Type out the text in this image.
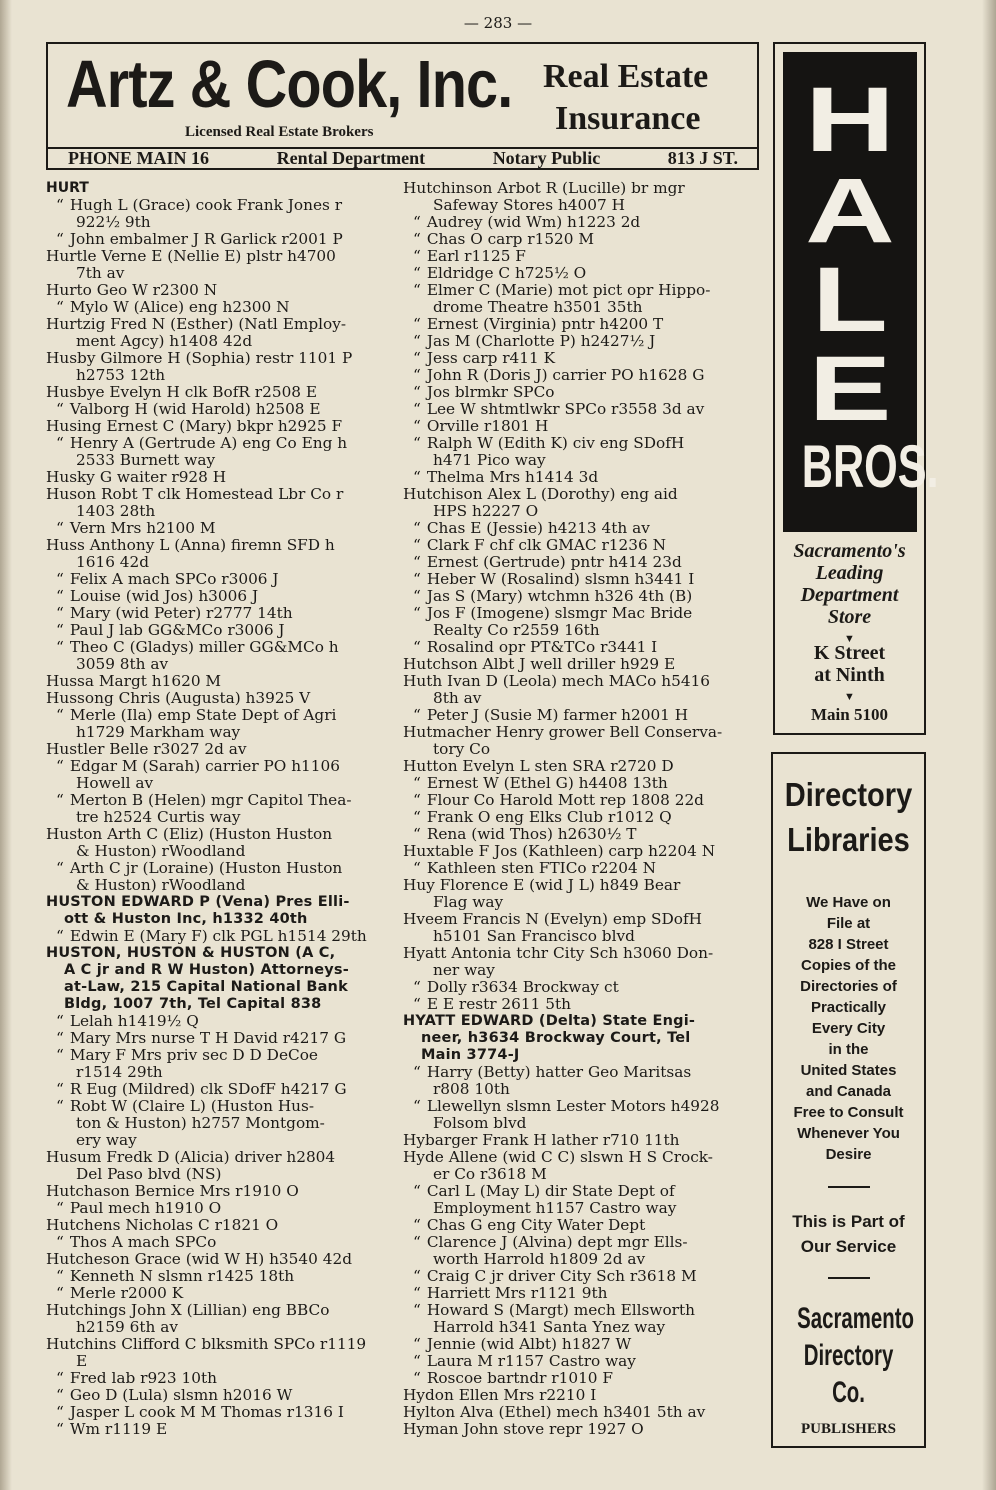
— 283 —
Artz & Cook, Inc.
Licensed Real Estate Brokers
Real Estate
Insurance
PHONE MAIN 16	Rental Department	Notary Public	813 J ST.
HURT
“ Hugh L (Grace) cook Frank Jones r
922½ 9th
“ John embalmer J R Garlick r2001 P
Hurtle Verne E (Nellie E) plstr h4700
7th av
Hurto Geo W r2300 N
“ Mylo W (Alice) eng h2300 N
Hurtzig Fred N (Esther) (Natl Employ-
ment Agcy) h1408 42d
Husby Gilmore H (Sophia) restr 1101 P
h2753 12th
Husbye Evelyn H clk BofR r2508 E
“ Valborg H (wid Harold) h2508 E
Husing Ernest C (Mary) bkpr h2925 F
“ Henry A (Gertrude A) eng Co Eng h
2533 Burnett way
Husky G waiter r928 H
Huson Robt T clk Homestead Lbr Co r
1403 28th
“ Vern Mrs h2100 M
Huss Anthony L (Anna) firemn SFD h
1616 42d
“ Felix A mach SPCo r3006 J
“ Louise (wid Jos) h3006 J
“ Mary (wid Peter) r2777 14th
“ Paul J lab GG&MCo r3006 J
“ Theo C (Gladys) miller GG&MCo h
3059 8th av
Hussa Margt h1620 M
Hussong Chris (Augusta) h3925 V
“ Merle (Ila) emp State Dept of Agri
h1729 Markham way
Hustler Belle r3027 2d av
“ Edgar M (Sarah) carrier PO h1106
Howell av
“ Merton B (Helen) mgr Capitol Thea-
tre h2524 Curtis way
Huston Arth C (Eliz) (Huston Huston
& Huston) rWoodland
“ Arth C jr (Loraine) (Huston Huston
& Huston) rWoodland
HUSTON EDWARD P (Vena) Pres Elli-
ott & Huston Inc, h1332 40th
“ Edwin E (Mary F) clk PGL h1514 29th
HUSTON, HUSTON & HUSTON (A C,
A C jr and R W Huston) Attorneys-
at-Law, 215 Capital National Bank
Bldg, 1007 7th, Tel Capital 838
“ Lelah h1419½ Q
“ Mary Mrs nurse T H David r4217 G
“ Mary F Mrs priv sec D D DeCoe
r1514 29th
“ R Eug (Mildred) clk SDofF h4217 G
“ Robt W (Claire L) (Huston Hus-
ton & Huston) h2757 Montgom-
ery way
Husum Fredk D (Alicia) driver h2804
Del Paso blvd (NS)
Hutchason Bernice Mrs r1910 O
“ Paul mech h1910 O
Hutchens Nicholas C r1821 O
“ Thos A mach SPCo
Hutcheson Grace (wid W H) h3540 42d
“ Kenneth N slsmn r1425 18th
“ Merle r2000 K
Hutchings John X (Lillian) eng BBCo
h2159 6th av
Hutchins Clifford C blksmith SPCo r1119
E
“ Fred lab r923 10th
“ Geo D (Lula) slsmn h2016 W
“ Jasper L cook M M Thomas r1316 I
“ Wm r1119 E
Hutchinson Arbot R (Lucille) br mgr
Safeway Stores h4007 H
“ Audrey (wid Wm) h1223 2d
“ Chas O carp r1520 M
“ Earl r1125 F
“ Eldridge C h725½ O
“ Elmer C (Marie) mot pict opr Hippo-
drome Theatre h3501 35th
“ Ernest (Virginia) pntr h4200 T
“ Jas M (Charlotte P) h2427½ J
“ Jess carp r411 K
“ John R (Doris J) carrier PO h1628 G
“ Jos blrmkr SPCo
“ Lee W shtmtlwkr SPCo r3558 3d av
“ Orville r1801 H
“ Ralph W (Edith K) civ eng SDofH
h471 Pico way
“ Thelma Mrs h1414 3d
Hutchison Alex L (Dorothy) eng aid
HPS h2227 O
“ Chas E (Jessie) h4213 4th av
“ Clark F chf clk GMAC r1236 N
“ Ernest (Gertrude) pntr h414 23d
“ Heber W (Rosalind) slsmn h3441 I
“ Jas S (Mary) wtchmn h326 4th (B)
“ Jos F (Imogene) slsmgr Mac Bride
Realty Co r2559 16th
“ Rosalind opr PT&TCo r3441 I
Hutchson Albt J well driller h929 E
Huth Ivan D (Leola) mech MACo h5416
8th av
“ Peter J (Susie M) farmer h2001 H
Hutmacher Henry grower Bell Conserva-
tory Co
Hutton Evelyn L sten SRA r2720 D
“ Ernest W (Ethel G) h4408 13th
“ Flour Co Harold Mott rep 1808 22d
“ Frank O eng Elks Club r1012 Q
“ Rena (wid Thos) h2630½ T
Huxtable F Jos (Kathleen) carp h2204 N
“ Kathleen sten FTICo r2204 N
Huy Florence E (wid J L) h849 Bear
Flag way
Hveem Francis N (Evelyn) emp SDofH
h5101 San Francisco blvd
Hyatt Antonia tchr City Sch h3060 Don-
ner way
“ Dolly r3634 Brockway ct
“ E E restr 2611 5th
HYATT EDWARD (Delta) State Engi-
neer, h3634 Brockway Court, Tel
Main 3774-J
“ Harry (Betty) hatter Geo Maritsas
r808 10th
“ Llewellyn slsmn Lester Motors h4928
Folsom blvd
Hybarger Frank H lather r710 11th
Hyde Allene (wid C C) slswn H S Crock-
er Co r3618 M
“ Carl L (May L) dir State Dept of
Employment h1157 Castro way
“ Chas G eng City Water Dept
“ Clarence J (Alvina) dept mgr Ells-
worth Harrold h1809 2d av
“ Craig C jr driver City Sch r3618 M
“ Harriett Mrs r1121 9th
“ Howard S (Margt) mech Ellsworth
Harrold h341 Santa Ynez way
“ Jennie (wid Albt) h1827 W
“ Laura M r1157 Castro way
“ Roscoe bartndr r1010 F
Hydon Ellen Mrs r2210 I
Hylton Alva (Ethel) mech h3401 5th av
Hyman John stove repr 1927 O
H
A
L
E
BROS.
Sacramento's
Leading
Department
Store
▼
K Street
at Ninth
▼
Main 5100
Directory
Libraries
We Have on
File at
828 I Street
Copies of the
Directories of
Practically
Every City
in the
United States
and Canada
Free to Consult
Whenever You
Desire
This is Part of
Our Service
Sacramento
Directory
Co.
PUBLISHERS
